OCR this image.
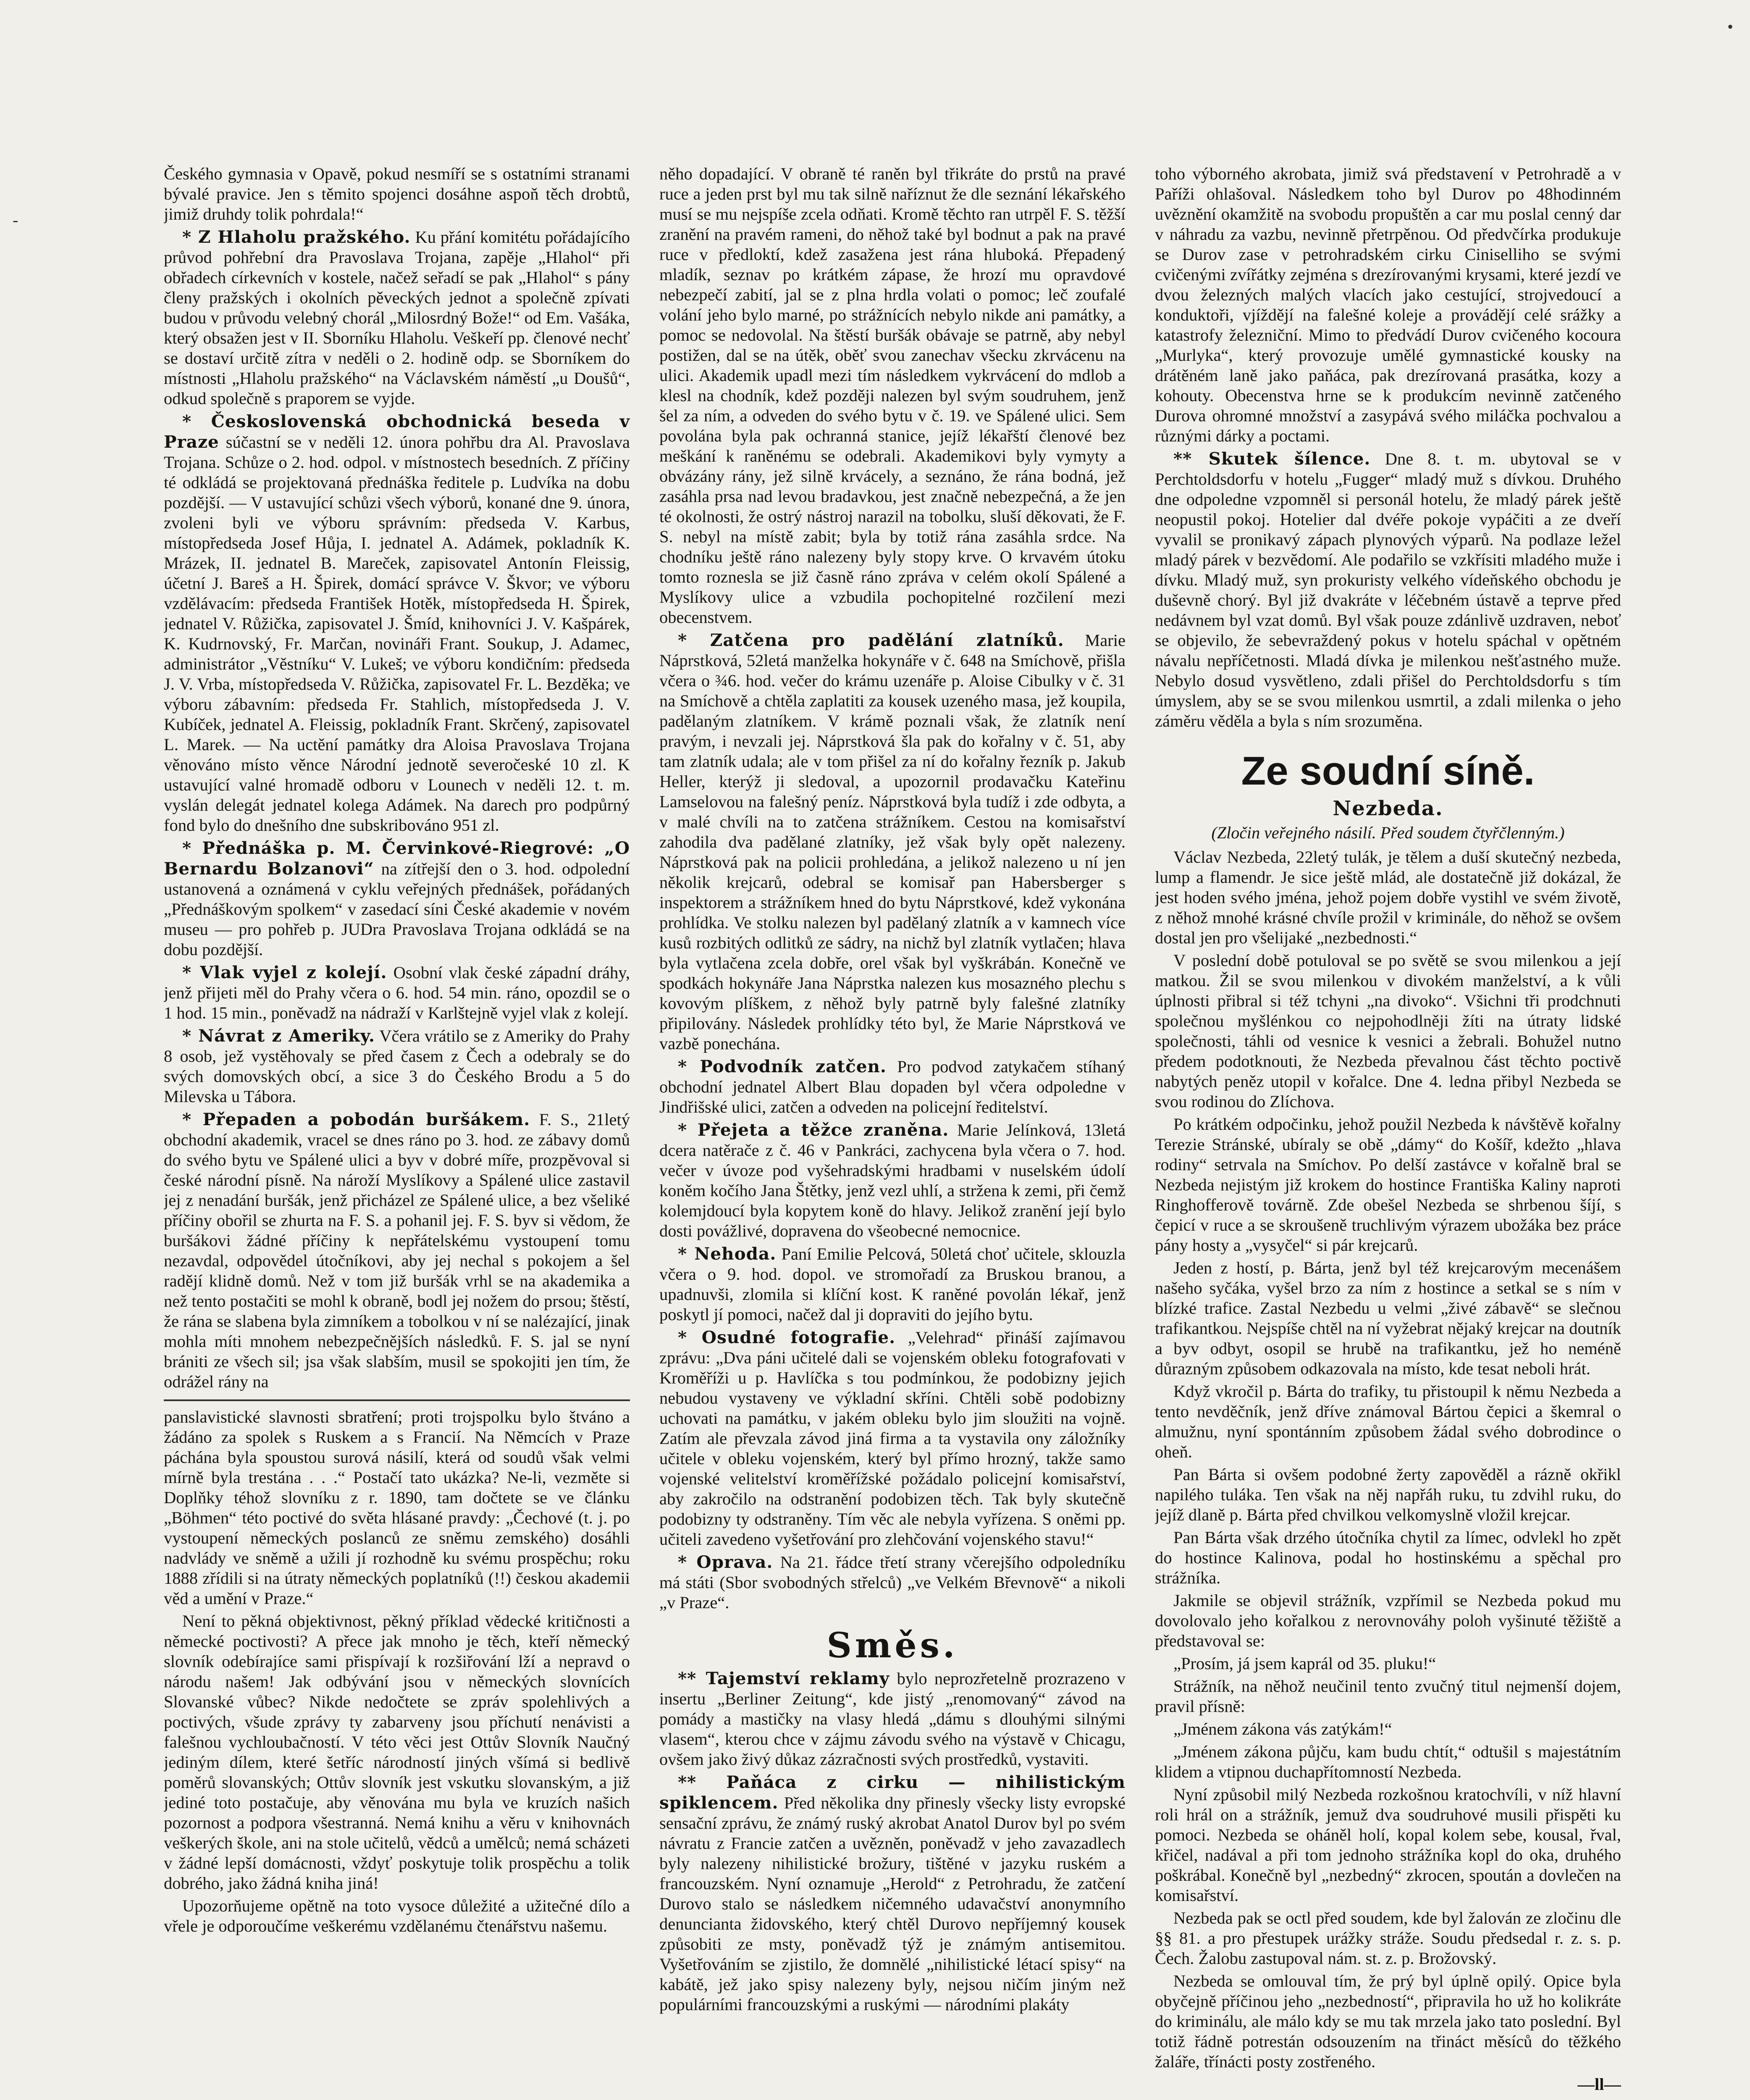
-
•

Českého gymnasia v Opavě, pokud nesmíří se s ostatními stranami bývalé pravice. Jen s těmito spojenci dosáhne aspoň těch drobtů, jimiž druhdy tolik pohrdala!“

* Z Hlaholu pražského. Ku přání komitétu pořádajícího průvod pohřební dra Pravoslava Trojana, zapěje „Hlahol“ při obřadech církevních v kostele, načež seřadí se pak „Hlahol“ s pány členy pražských i okolních pěveckých jednot a společně zpívati budou v průvodu velebný chorál „Milosrdný Bože!“ od Em. Vašáka, který obsažen jest v II. Sborníku Hlaholu. Veškeří pp. členové nechť se dostaví určitě zítra v neděli o 2. hodině odp. se Sborníkem do místnosti „Hlaholu pražského“ na Václavském náměstí „u Doušů“, odkud společně s praporem se vyjde.

* Československá obchodnická beseda v Praze súčastní se v neděli 12. února pohřbu dra Al. Pravoslava Trojana. Schůze o 2. hod. odpol. v místnostech besedních. Z příčiny té odkládá se projektovaná přednáška ředitele p. Ludvíka na dobu pozdější. — V ustavující schůzi všech výborů, konané dne 9. února, zvoleni byli ve výboru správním: předseda V. Karbus, místopředseda Josef Hůja, I. jednatel A. Adámek, pokladník K. Mrázek, II. jednatel B. Mareček, zapisovatel Antonín Fleissig, účetní J. Bareš a H. Špirek, domácí správce V. Škvor; ve výboru vzdělávacím: předseda František Hotěk, místopředseda H. Špirek, jednatel V. Růžička, zapisovatel J. Šmíd, knihovníci J. V. Kašpárek, K. Kudrnovský, Fr. Marčan, novináři Frant. Soukup, J. Adamec, administrátor „Věstníku“ V. Lukeš; ve výboru kondičním: předseda J. V. Vrba, místopředseda V. Růžička, zapisovatel Fr. L. Bezděka; ve výboru zábavním: předseda Fr. Stahlich, místopředseda J. V. Kubíček, jednatel A. Fleissig, pokladník Frant. Skrčený, zapisovatel L. Marek. — Na uctění památky dra Aloisa Pravoslava Trojana věnováno místo věnce Národní jednotě severočeské 10 zl. K ustavující valné hromadě odboru v Lounech v neděli 12. t. m. vyslán delegát jednatel kolega Adámek. Na darech pro podpůrný fond bylo do dnešního dne subskribováno 951 zl.

* Přednáška p. M. Červinkové-Riegrové: „O Bernardu Bolzanovi“ na zítřejší den o 3. hod. odpolední ustanovená a oznámená v cyklu veřejných přednášek, pořádaných „Přednáškovým spolkem“ v zasedací síni České akademie v novém museu — pro pohřeb p. JUDra Pravoslava Trojana odkládá se na dobu pozdější.

* Vlak vyjel z kolejí. Osobní vlak české západní dráhy, jenž přijeti měl do Prahy včera o 6. hod. 54 min. ráno, opozdil se o 1 hod. 15 min., poněvadž na nádraží v Karlštejně vyjel vlak z kolejí.

* Návrat z Ameriky. Včera vrátilo se z Ameriky do Prahy 8 osob, jež vystěhovaly se před časem z Čech a odebraly se do svých domovských obcí, a sice 3 do Českého Brodu a 5 do Milevska u Tábora.

* Přepaden a pobodán buršákem. F. S., 21letý obchodní akademik, vracel se dnes ráno po 3. hod. ze zábavy domů do svého bytu ve Spálené ulici a byv v dobré míře, prozpěvoval si české národní písně. Na nároží Myslíkovy a Spálené ulice zastavil jej z nenadání buršák, jenž přicházel ze Spálené ulice, a bez všeliké příčiny obořil se zhurta na F. S. a pohanil jej. F. S. byv si vědom, že buršákovi žádné příčiny k nepřátelskému vystoupení tomu nezavdal, odpovědel útočníkovi, aby jej nechal s pokojem a šel radějí klidně domů. Než v tom již buršák vrhl se na akademika a než tento postačiti se mohl k obraně, bodl jej nožem do prsou; štěstí, že rána se slabena byla zimníkem a tobolkou v ní se nalézající, jinak mohla míti mnohem nebezpečnějších následků. F. S. jal se nyní brániti ze všech sil; jsa však slabším, musil se spokojiti jen tím, že odrážel rány na

panslavistické slavnosti sbratření; proti trojspolku bylo štváno a žádáno za spolek s Ruskem a s Francií. Na Němcích v Praze páchána byla spoustou surová násilí, která od soudů však velmi mírně byla trestána . . .“ Postačí tato ukázka? Ne-li, vezměte si Doplňky téhož slovníku z r. 1890, tam dočtete se ve článku „Böhmen“ této poctivé do světa hlásané pravdy: „Čechové (t. j. po vystoupení německých poslanců ze sněmu zemského) dosáhli nadvlády ve sněmě a užili jí rozhodně ku svému prospěchu; roku 1888 zřídili si na útraty německých poplatníků (!!) českou akademii věd a umění v Praze.“

Není to pěkná objektivnost, pěkný příklad vědecké kritičnosti a německé poctivosti? A přece jak mnoho je těch, kteří německý slovník odebírajíce sami přispívají k rozšiřování lží a nepravd o národu našem! Jak odbývání jsou v německých slovnících Slovanské vůbec? Nikde nedočtete se zpráv spolehlivých a poctivých, všude zprávy ty zabarveny jsou příchutí nenávisti a falešnou vychloubačností. V této věci jest Ottův Slovník Naučný jediným dílem, které šetříc národností jiných všímá si bedlivě poměrů slovanských; Ottův slovník jest vskutku slovanským, a již jediné toto postačuje, aby věnována mu byla ve kruzích našich pozornost a podpora všestranná. Nemá knihu a věru v knihovnách veškerých škole, ani na stole učitelů, vědců a umělců; nemá scházeti v žádné lepší domácnosti, vždyť poskytuje tolik prospěchu a tolik dobrého, jako žádná kniha jiná!

Upozorňujeme opětně na toto vysoce důležité a užitečné dílo a vřele je odporoučíme veškerému vzdělanému čtenářstvu našemu.

něho dopadající. V obraně té raněn byl třikráte do prstů na pravé ruce a jeden prst byl mu tak silně naříznut že dle seznání lékařského musí se mu nejspíše zcela odňati. Kromě těchto ran utrpěl F. S. těžší zranění na pravém rameni, do něhož také byl bodnut a pak na pravé ruce v předloktí, kdež zasažena jest rána hluboká. Přepadený mladík, seznav po krátkém zápase, že hrozí mu opravdové nebezpečí zabití, jal se z plna hrdla volati o pomoc; leč zoufalé volání jeho bylo marné, po strážnících nebylo nikde ani památky, a pomoc se nedovolal. Na štěstí buršák obávaje se patrně, aby nebyl postižen, dal se na útěk, oběť svou zanechav všecku zkrvácenu na ulici. Akademik upadl mezi tím následkem vykrvácení do mdlob a klesl na chodník, kdež později nalezen byl svým soudruhem, jenž šel za ním, a odveden do svého bytu v č. 19. ve Spálené ulici. Sem povolána byla pak ochranná stanice, jejíž lékařští členové bez meškání k raněnému se odebrali. Akademikovi byly vymyty a obvázány rány, jež silně krvácely, a seznáno, že rána bodná, jež zasáhla prsa nad levou bradavkou, jest značně nebezpečná, a že jen té okolnosti, že ostrý nástroj narazil na tobolku, sluší děkovati, že F. S. nebyl na místě zabit; byla by totiž rána zasáhla srdce. Na chodníku ještě ráno nalezeny byly stopy krve. O krvavém útoku tomto roznesla se již časně ráno zpráva v celém okolí Spálené a Myslíkovy ulice a vzbudila pochopitelné rozčilení mezi obecenstvem.

* Zatčena pro padělání zlatníků. Marie Náprstková, 52letá manželka hokynáře v č. 648 na Smíchově, přišla včera o ¾6. hod. večer do krámu uzenáře p. Aloise Cibulky v č. 31 na Smíchově a chtěla zaplatiti za kousek uzeného masa, jež koupila, padělaným zlatníkem. V krámě poznali však, že zlatník není pravým, i nevzali jej. Náprstková šla pak do kořalny v č. 51, aby tam zlatník udala; ale v tom přišel za ní do kořalny řezník p. Jakub Heller, kterýž ji sledoval, a upozornil prodavačku Kateřinu Lamselovou na falešný peníz. Náprstková byla tudíž i zde odbyta, a v malé chvíli na to zatčena strážníkem. Cestou na komisařství zahodila dva padělané zlatníky, jež však byly opět nalezeny. Náprstková pak na policii prohledána, a jelikož nalezeno u ní jen několik krejcarů, odebral se komisař pan Habersberger s inspektorem a strážníkem hned do bytu Náprstkové, kdež vykonána prohlídka. Ve stolku nalezen byl padělaný zlatník a v kamnech více kusů rozbitých odlitků ze sádry, na nichž byl zlatník vytlačen; hlava byla vytlačena zcela dobře, orel však byl vyškrábán. Konečně ve spodkách hokynáře Jana Náprstka nalezen kus mosazného plechu s kovovým plíškem, z něhož byly patrně byly falešné zlatníky připilovány. Následek prohlídky této byl, že Marie Náprstková ve vazbě ponechána.

* Podvodník zatčen. Pro podvod zatykačem stíhaný obchodní jednatel Albert Blau dopaden byl včera odpoledne v Jindřišské ulici, zatčen a odveden na policejní ředitelství.

* Přejeta a těžce zraněna. Marie Jelínková, 13letá dcera natěrače z č. 46 v Pankráci, zachycena byla včera o 7. hod. večer v úvoze pod vyšehradskými hradbami v nuselském údolí koněm kočího Jana Štětky, jenž vezl uhlí, a stržena k zemi, při čemž kolemjdoucí byla kopytem koně do hlavy. Jelikož zranění její bylo dosti povážlivé, dopravena do všeobecné nemocnice.

* Nehoda. Paní Emilie Pelcová, 50letá choť učitele, sklouzla včera o 9. hod. dopol. ve stromořadí za Bruskou branou, a upadnuvši, zlomila si klíční kost. K raněné povolán lékař, jenž poskytl jí pomoci, načež dal ji dopraviti do jejího bytu.

* Osudné fotografie. „Velehrad“ přináší zajímavou zprávu: „Dva páni učitelé dali se vojenském obleku fotografovati v Kroměříži u p. Havlíčka s tou podmínkou, že podobizny jejich nebudou vystaveny ve výkladní skříni. Chtěli sobě podobizny uchovati na památku, v jakém obleku bylo jim sloužiti na vojně. Zatím ale převzala závod jiná firma a ta vystavila ony záložníky učitele v obleku vojenském, který byl přímo hrozný, takže samo vojenské velitelství kroměřížské požádalo policejní komisařství, aby zakročilo na odstranění podobizen těch. Tak byly skutečně podobizny ty odstraněny. Tím věc ale nebyla vyřízena. S oněmi pp. učiteli zavedeno vyšetřování pro zlehčování vojenského stavu!“

* Oprava. Na 21. řádce třetí strany včerejšího odpoledníku má státi (Sbor svobodných střelců) „ve Velkém Břevnově“ a nikoli „v Praze“.

Směs.

** Tajemství reklamy bylo neprozřetelně prozrazeno v insertu „Berliner Zeitung“, kde jistý „renomovaný“ závod na pomády a mastičky na vlasy hledá „dámu s dlouhými silnými vlasem“, kterou chce v zájmu závodu svého na výstavě v Chicagu, ovšem jako živý důkaz zázračnosti svých prostředků, vystaviti.

** Paňáca z cirku — nihilistickým spiklencem. Před několika dny přinesly všecky listy evropské sensační zprávu, že známý ruský akrobat Anatol Durov byl po svém návratu z Francie zatčen a uvězněn, poněvadž v jeho zavazadlech byly nalezeny nihilistické brožury, tištěné v jazyku ruském a francouzském. Nyní oznamuje „Herold“ z Petrohradu, že zatčení Durovo stalo se následkem ničemného udavačství anonymního denuncianta židovského, který chtěl Durovo nepříjemný kousek způsobiti ze msty, poněvadž týž je známým antisemitou. Vyšetřováním se zjistilo, že domnělé „nihilistické létací spisy“ na kabátě, jež jako spisy nalezeny byly, nejsou ničím jiným než populárními francouzskými a ruskými — národními plakáty

toho výborného akrobata, jimiž svá představení v Petrohradě a v Paříži ohlašoval. Následkem toho byl Durov po 48hodinném uvěznění okamžitě na svobodu propuštěn a car mu poslal cenný dar v náhradu za vazbu, nevinně přetrpěnou. Od předvčírka produkuje se Durov zase v petrohradském cirku Ciniselliho se svými cvičenými zvířátky zejména s drezírovanými krysami, které jezdí ve dvou železných malých vlacích jako cestující, strojvedoucí a konduktoři, vjíždějí na falešné koleje a provádějí celé srážky a katastrofy železniční. Mimo to předvádí Durov cvičeného kocoura „Murlyka“, který provozuje umělé gymnastické kousky na drátěném laně jako paňáca, pak drezírovaná prasátka, kozy a kohouty. Obecenstva hrne se k produkcím nevinně zatčeného Durova ohromné množství a zasypává svého miláčka pochvalou a různými dárky a poctami.

** Skutek šílence. Dne 8. t. m. ubytoval se v Perchtoldsdorfu v hotelu „Fugger“ mladý muž s dívkou. Druhého dne odpoledne vzpomněl si personál hotelu, že mladý párek ještě neopustil pokoj. Hotelier dal dvéře pokoje vypáčiti a ze dveří vyvalil se pronikavý zápach plynových výparů. Na podlaze ležel mladý párek v bezvědomí. Ale podařilo se vzkřísiti mladého muže i dívku. Mladý muž, syn prokuristy velkého vídeňského obchodu je duševně chorý. Byl již dvakráte v léčebném ústavě a teprve před nedávnem byl vzat domů. Byl však pouze zdánlivě uzdraven, neboť se objevilo, že sebevraždený pokus v hotelu spáchal v opětném návalu nepříčetnosti. Mladá dívka je milenkou nešťastného muže. Nebylo dosud vysvětleno, zdali přišel do Perchtoldsdorfu s tím úmyslem, aby se se svou milenkou usmrtil, a zdali milenka o jeho záměru věděla a byla s ním srozuměna.

Ze soudní síně.
Nezbeda.
(Zločin veřejného násilí. Před soudem čtyřčlenným.)

Václav Nezbeda, 22letý tulák, je tělem a duší skutečný nezbeda, lump a flamendr. Je sice ještě mlád, ale dostatečně již dokázal, že jest hoden svého jména, jehož pojem dobře vystihl ve svém životě, z něhož mnohé krásné chvíle prožil v kriminále, do něhož se ovšem dostal jen pro všelijaké „nezbednosti.“

V poslední době potuloval se po světě se svou milenkou a její matkou. Žil se svou milenkou v divokém manželství, a k vůli úplnosti přibral si též tchyni „na divoko“. Všichni tři prodchnuti společnou myšlénkou co nejpohodlněji žíti na útraty lidské společnosti, táhli od vesnice k vesnici a žebrali. Bohužel nutno předem podotknouti, že Nezbeda převalnou část těchto poctivě nabytých peněz utopil v kořalce. Dne 4. ledna přibyl Nezbeda se svou rodinou do Zlíchova.

Po krátkém odpočinku, jehož použil Nezbeda k návštěvě kořalny Terezie Stránské, ubíraly se obě „dámy“ do Košíř, kdežto „hlava rodiny“ setrvala na Smíchov. Po delší zastávce v kořalně bral se Nezbeda nejistým již krokem do hostince Františka Kaliny naproti Ringhofferově továrně. Zde obešel Nezbeda se shrbenou šíjí, s čepicí v ruce a se skroušeně truchlivým výrazem ubožáka bez práce pány hosty a „vysyčel“ si pár krejcarů.

Jeden z hostí, p. Bárta, jenž byl též krejcarovým mecenášem našeho syčáka, vyšel brzo za ním z hostince a setkal se s ním v blízké trafice. Zastal Nezbedu u velmi „živé zábavě“ se slečnou trafikantkou. Nejspíše chtěl na ní vyžebrat nějaký krejcar na doutník a byv odbyt, osopil se hrubě na trafikantku, jež ho neméně důrazným způsobem odkazovala na místo, kde tesat neboli hrát.

Když vkročil p. Bárta do trafiky, tu přistoupil k němu Nezbeda a tento nevděčník, jenž dříve známoval Bártou čepici a škemral o almužnu, nyní spontánním způsobem žádal svého dobrodince o oheň.

Pan Bárta si ovšem podobné žerty zapověděl a rázně okřikl napilého tuláka. Ten však na něj napřáh ruku, tu zdvihl ruku, do jejíž dlaně p. Bárta před chvilkou velkomyslně vložil krejcar.

Pan Bárta však drzého útočníka chytil za límec, odvlekl ho zpět do hostince Kalinova, podal ho hostinskému a spěchal pro strážníka.

Jakmile se objevil strážník, vzpřímil se Nezbeda pokud mu dovolovalo jeho kořalkou z nerovnováhy poloh vyšinuté těžiště a představoval se:

„Prosím, já jsem kaprál od 35. pluku!“

Strážník, na něhož neučinil tento zvučný titul nejmenší dojem, pravil přísně:

„Jménem zákona vás zatýkám!“

„Jménem zákona půjču, kam budu chtít,“ odtušil s majestátním klidem a vtipnou duchapřítomností Nezbeda.

Nyní způsobil milý Nezbeda rozkošnou kratochvíli, v níž hlavní roli hrál on a strážník, jemuž dva soudruhové musili přispěti ku pomoci. Nezbeda se oháněl holí, kopal kolem sebe, kousal, řval, křičel, nadával a při tom jednoho strážníka kopl do oka, druhého poškrábal. Konečně byl „nezbedný“ zkrocen, spoután a dovlečen na komisařství.

Nezbeda pak se octl před soudem, kde byl žalován ze zločinu dle §§ 81. a pro přestupek urážky stráže. Soudu předsedal r. z. s. p. Čech. Žalobu zastupoval nám. st. z. p. Brožovský.

Nezbeda se omlouval tím, že prý byl úplně opilý. Opice byla obyčejně příčinou jeho „nezbedností“, připravila ho už ho kolikráte do kriminálu, ale málo kdy se mu tak mrzela jako tato poslední. Byl totiž řádně potrestán odsouzením na třináct měsíců do těžkého žaláře, třínácti posty zostřeného.

—ll—
